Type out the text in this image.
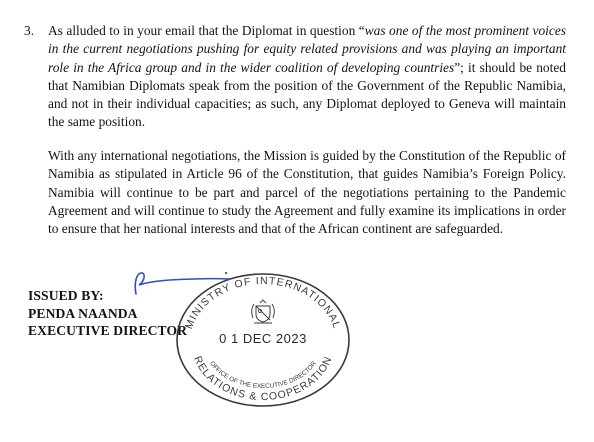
3. As alluded to in your email that the Diplomat in question “was one of the most prominent voices in the current negotiations pushing for equity related provisions and was playing an important role in the Africa group and in the wider coalition of developing countries”; it should be noted that Namibian Diplomats speak from the position of the Government of the Republic Namibia, and not in their individual capacities; as such, any Diplomat deployed to Geneva will maintain the same position.

With any international negotiations, the Mission is guided by the Constitution of the Republic of Namibia as stipulated in Article 96 of the Constitution, that guides Namibia’s Foreign Policy. Namibia will continue to be part and parcel of the negotiations pertaining to the Pandemic Agreement and will continue to study the Agreement and fully examine its implications in order to ensure that her national interests and that of the African continent are safeguarded.

ISSUED BY:
PENDA NAANDA
EXECUTIVE DIRECTOR
MINISTRY OF INTERNATIONAL
0 1 DEC 2023
OFFICE OF THE EXECUTIVE DIRECTOR
RELATIONS & COOPERATION
